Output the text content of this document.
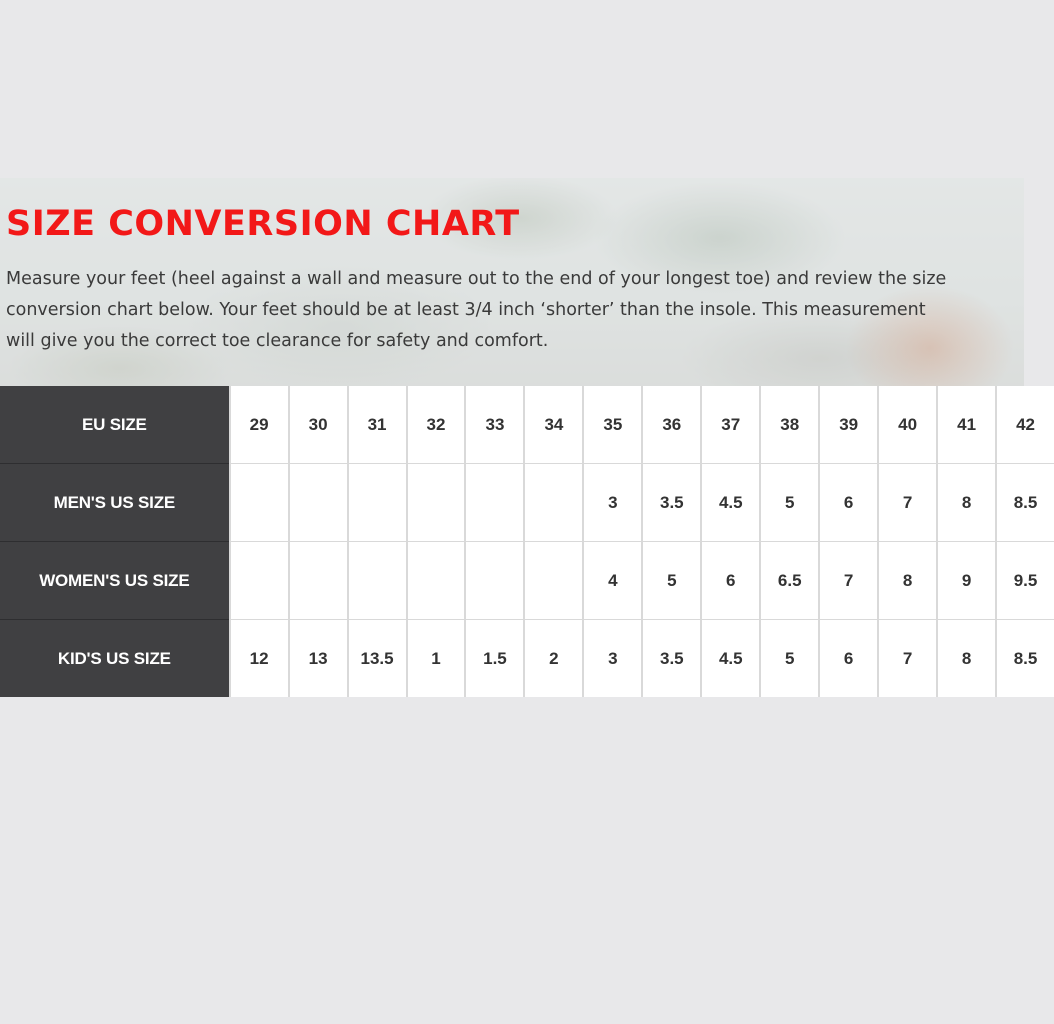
SIZE CONVERSION CHART

Measure your feet (heel against a wall and measure out to the end of your longest toe) and review the size
conversion chart below. Your feet should be at least 3/4 inch ‘shorter’ than the insole. This measurement
will give you the correct toe clearance for safety and comfort.

EU SIZE	29	30	31	32	33	34	35	36	37	38	39	40	41	42
MEN'S US SIZE							3	3.5	4.5	5	6	7	8	8.5
WOMEN'S US SIZE							4	5	6	6.5	7	8	9	9.5
KID'S US SIZE	12	13	13.5	1	1.5	2	3	3.5	4.5	5	6	7	8	8.5
